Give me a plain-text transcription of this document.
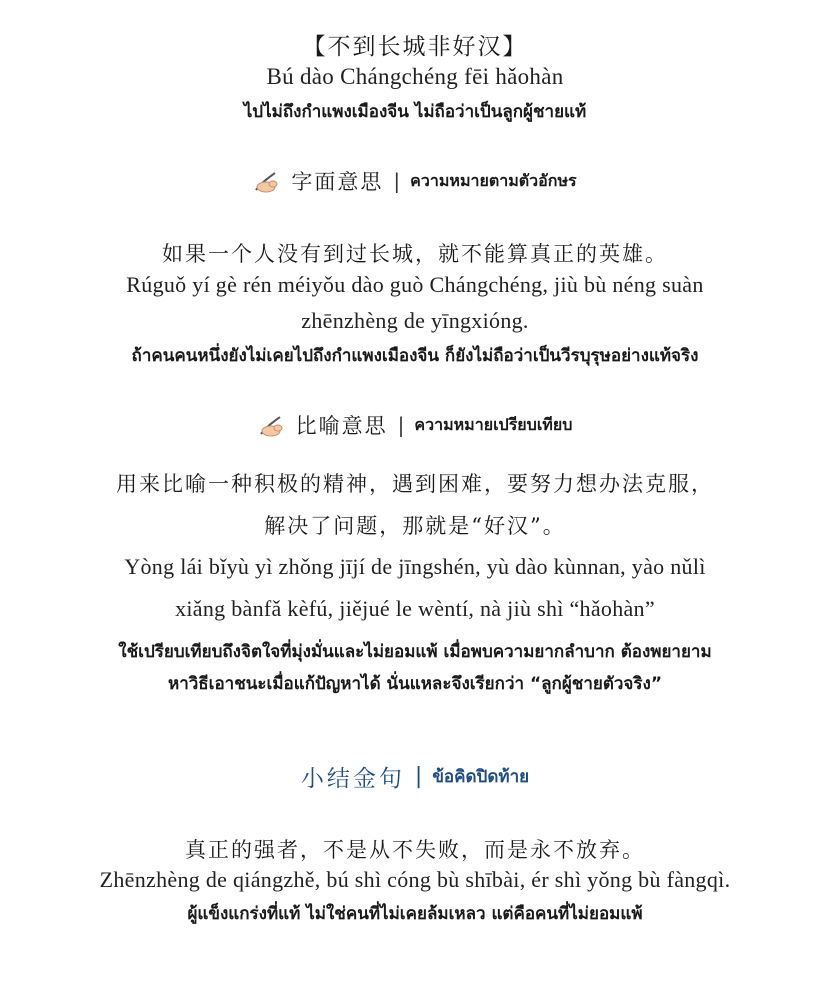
【不到长城非好汉】
Bú dào Chángchéng fēi hǎohàn
ไปไม่ถึงกำแพงเมืองจีน ไม่ถือว่าเป็นลูกผู้ชายแท้
字面意思 | ความหมายตามตัวอักษร
如果一个人没有到过长城，就不能算真正的英雄。
Rúguǒ yí gè rén méiyǒu dào guò Chángchéng, jiù bù néng suàn
zhēnzhèng de yīngxióng.
ถ้าคนคนหนึ่งยังไม่เคยไปถึงกำแพงเมืองจีน ก็ยังไม่ถือว่าเป็นวีรบุรุษอย่างแท้จริง
比喻意思 | ความหมายเปรียบเทียบ
用来比喻一种积极的精神，遇到困难，要努力想办法克服，
解决了问题，那就是“好汉”。
Yòng lái bǐyù yì zhǒng jījí de jīngshén, yù dào kùnnan, yào nǔlì
xiǎng bànfǎ kèfú, jiějué le wèntí, nà jiù shì “hǎohàn”
ใช้เปรียบเทียบถึงจิตใจที่มุ่งมั่นและไม่ยอมแพ้ เมื่อพบความยากลำบาก ต้องพยายาม
หาวิธีเอาชนะเมื่อแก้ปัญหาได้ นั่นแหละจึงเรียกว่า “ลูกผู้ชายตัวจริง”
小结金句 | ข้อคิดปิดท้าย
真正的强者，不是从不失败，而是永不放弃。
Zhēnzhèng de qiángzhě, bú shì cóng bù shībài, ér shì yǒng bù fàngqì.
ผู้แข็งแกร่งที่แท้ ไม่ใช่คนที่ไม่เคยล้มเหลว แต่คือคนที่ไม่ยอมแพ้
